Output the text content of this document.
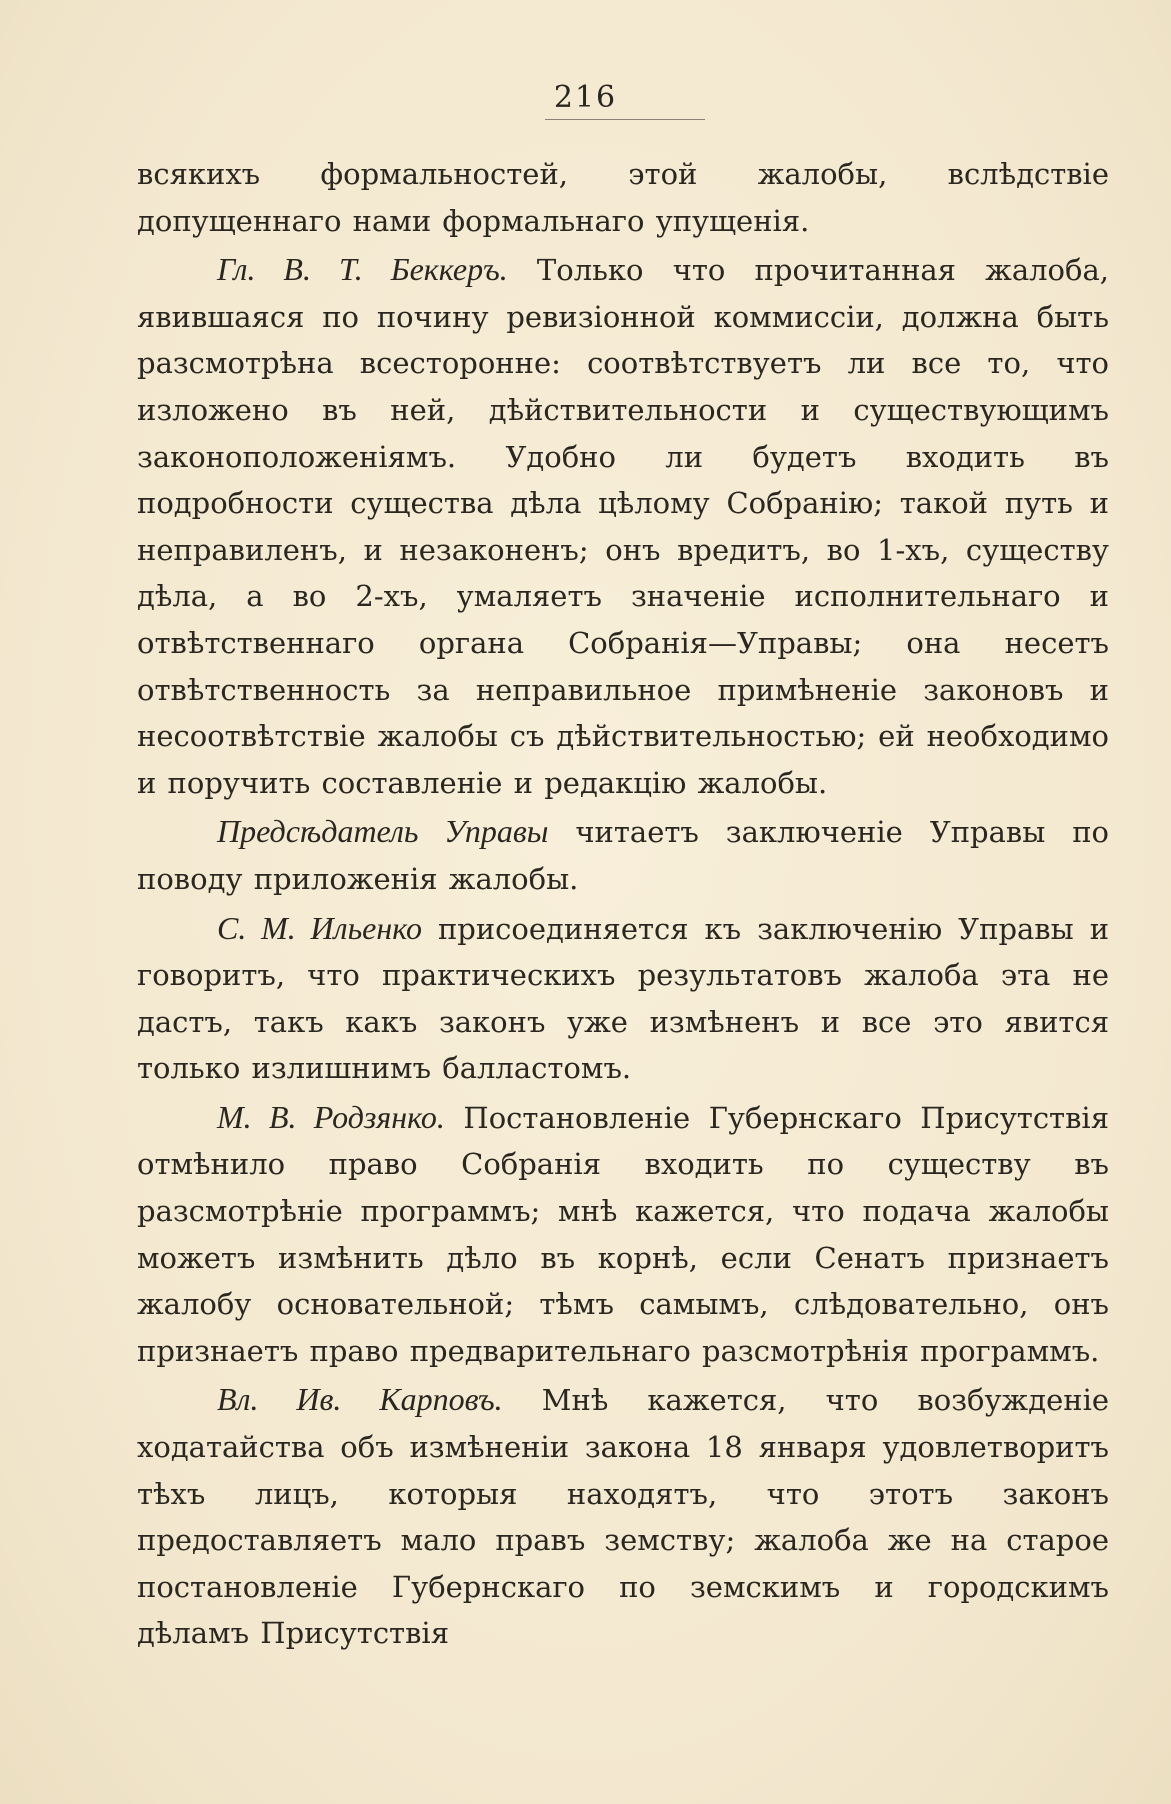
216

всякихъ формальностей, этой жалобы, вслѣдствіе допущеннаго нами формальнаго упущенія.

Гл. В. Т. Беккеръ. Только что прочитанная жалоба, явившаяся по почину ревизіонной коммиссіи, должна быть разсмотрѣна всесторонне: соотвѣтствуетъ ли все то, что изложено въ ней, дѣйствительности и существующимъ законоположеніямъ. Удобно ли будетъ входить въ подробности существа дѣла цѣлому Собранію; такой путь и неправиленъ, и незаконенъ; онъ вредитъ, во 1-хъ, существу дѣла, а во 2-хъ, умаляетъ значеніе исполнительнаго и отвѣтственнаго органа Собранія—Управы; она несетъ отвѣтственность за неправильное примѣненіе законовъ и несоотвѣтствіе жалобы съ дѣйствительностью; ей необходимо и поручить составленіе и редакцію жалобы.

Предсѣдатель Управы читаетъ заключеніе Управы по поводу приложенія жалобы.

С. М. Ильенко присоединяется къ заключенію Управы и говоритъ, что практическихъ результатовъ жалоба эта не дастъ, такъ какъ законъ уже измѣненъ и все это явится только излишнимъ балластомъ.

М. В. Родзянко. Постановленіе Губернскаго Присутствія отмѣнило право Собранія входить по существу въ разсмотрѣніе программъ; мнѣ кажется, что подача жалобы можетъ измѣнить дѣло въ корнѣ, если Сенатъ признаетъ жалобу основательной; тѣмъ самымъ, слѣдовательно, онъ признаетъ право предварительнаго разсмотрѣнія программъ.

Вл. Ив. Карповъ. Мнѣ кажется, что возбужденіе ходатайства объ измѣненіи закона 18 января удовлетворитъ тѣхъ лицъ, которыя находятъ, что этотъ законъ предоставляетъ мало правъ земству; жалоба же на старое постановленіе Губернскаго по земскимъ и городскимъ дѣламъ Присутствія
